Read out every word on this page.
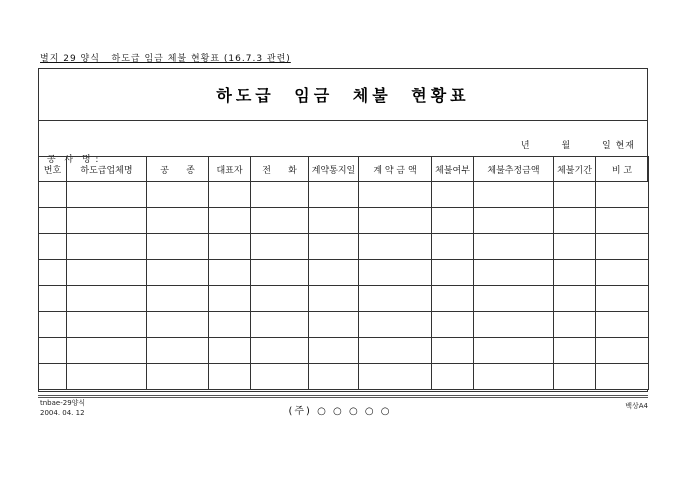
별지 29 양식   하도급 임금 체불 현황표 (16.7.3 관련)
하도급 임금 체불 현황표

공  사  명 :

년        월        일 현재
번호	하도급업체명	공      종	대표자	전      화	계약통지일	계 약 금 액	체불여부	체불추정금액	체불기간	비 고

tnbae-29양식
2004. 04. 12	(주) ○ ○ ○ ○ ○	백상A4
